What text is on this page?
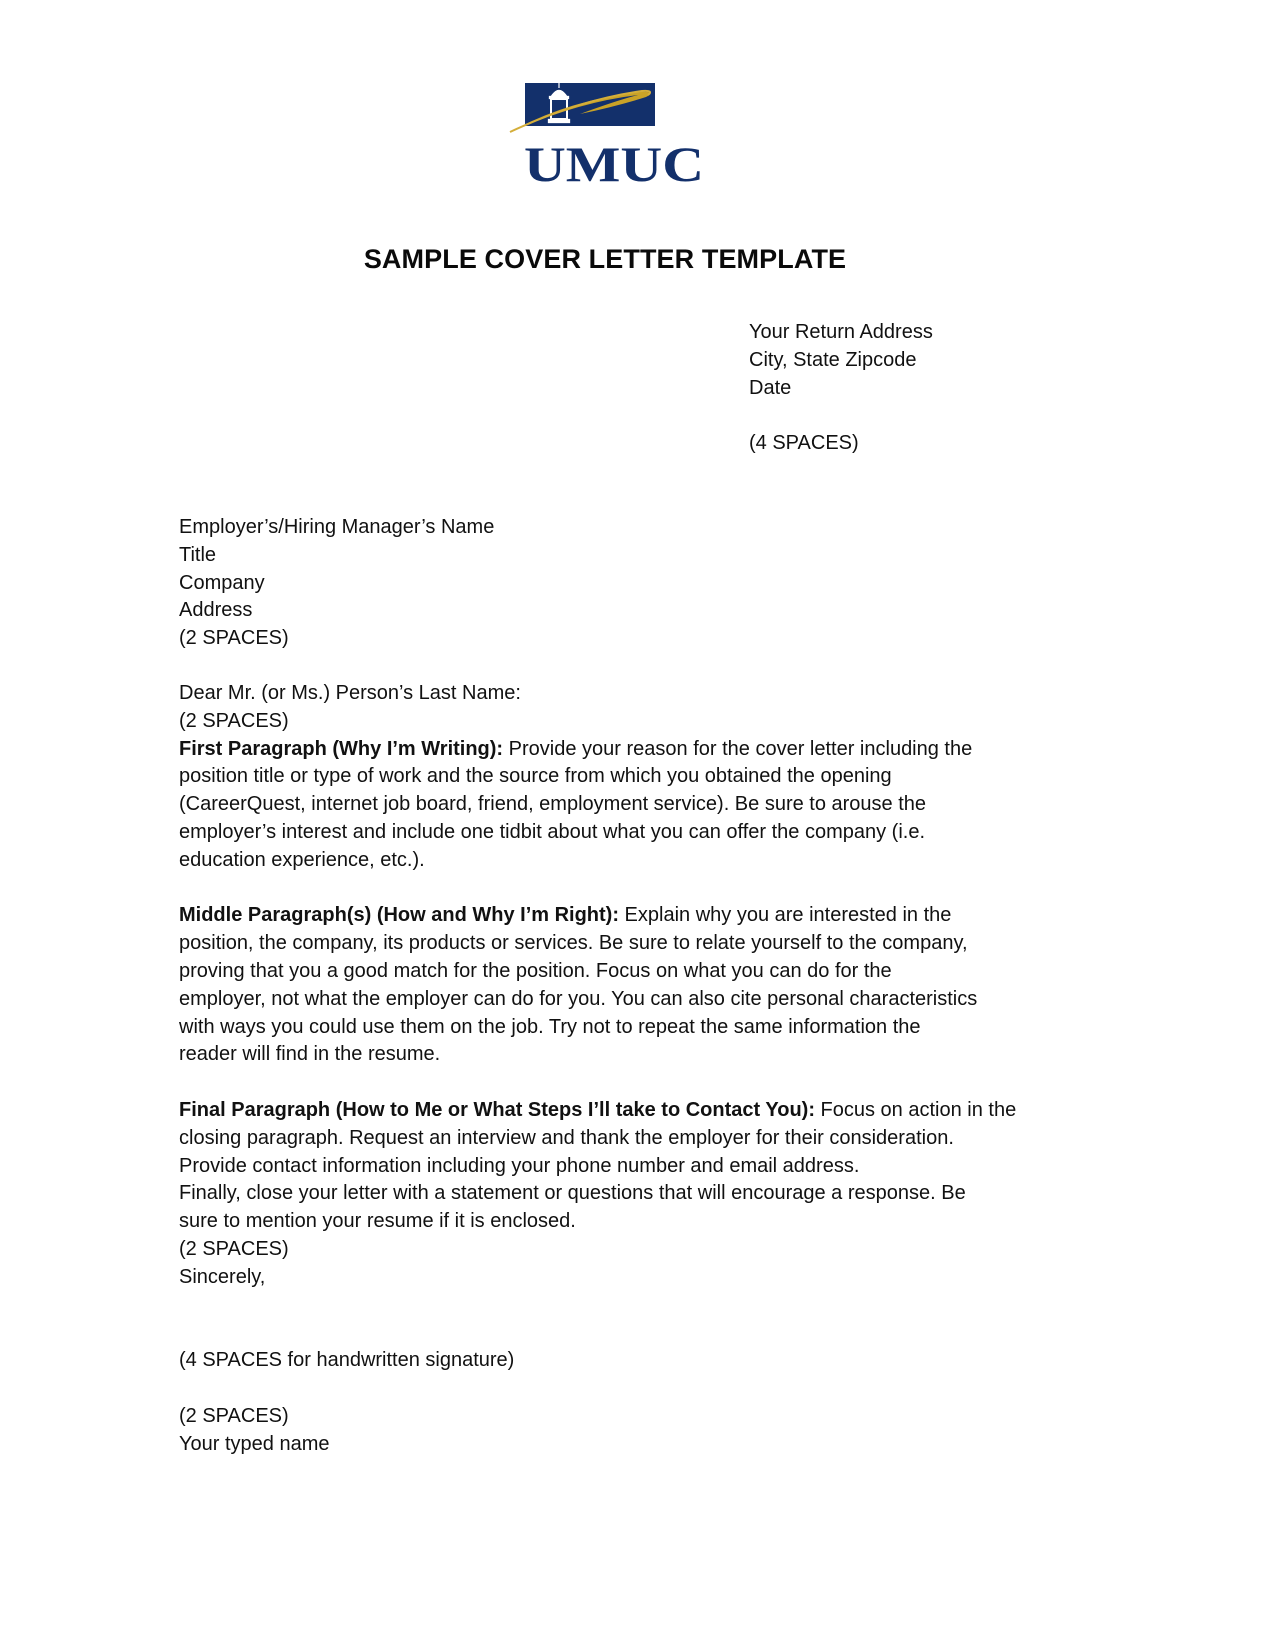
UMUC
SAMPLE COVER LETTER TEMPLATE
Your Return Address
City, State Zipcode
Date
(4 SPACES)
Employer’s/Hiring Manager’s Name
Title
Company
Address
(2 SPACES)
Dear Mr. (or Ms.) Person’s Last Name:
(2 SPACES)
First Paragraph (Why I’m Writing): Provide your reason for the cover letter including the
position title or type of work and the source from which you obtained the opening
(CareerQuest, internet job board, friend, employment service). Be sure to arouse the
employer’s interest and include one tidbit about what you can offer the company (i.e.
education experience, etc.).
Middle Paragraph(s) (How and Why I’m Right): Explain why you are interested in the
position, the company, its products or services. Be sure to relate yourself to the company,
proving that you a good match for the position. Focus on what you can do for the
employer, not what the employer can do for you. You can also cite personal characteristics
with ways you could use them on the job. Try not to repeat the same information the
reader will find in the resume.
Final Paragraph (How to Me or What Steps I’ll take to Contact You): Focus on action in the
closing paragraph. Request an interview and thank the employer for their consideration.
Provide contact information including your phone number and email address.
Finally, close your letter with a statement or questions that will encourage a response. Be
sure to mention your resume if it is enclosed.
(2 SPACES)
Sincerely,
(4 SPACES for handwritten signature)
(2 SPACES)
Your typed name
